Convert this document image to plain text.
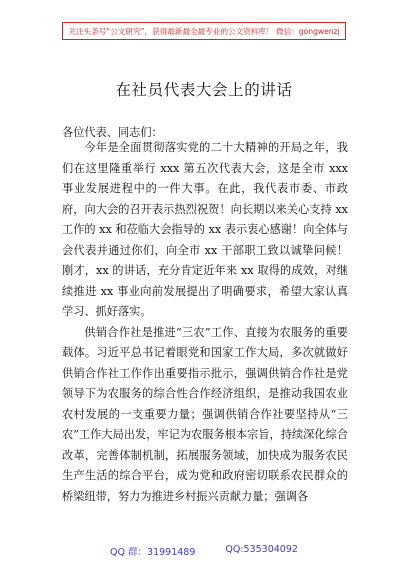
关注头条号“公文研究”，获得最新最全最专业的公文资料库！ 微信：gongwenzj
在社员代表大会上的讲话
各位代表、同志们：

今年是全面贯彻落实党的二十大精神的开局之年，我们在这里隆重举行 xxx 第五次代表大会，这是全市 xxx 事业发展进程中的一件大事。在此，我代表市委、市政府，向大会的召开表示热烈祝贺！向长期以来关心支持 xx 工作的 xx 和莅临大会指导的 xx 表示衷心感谢！向全体与会代表并通过你们，向全市 xx 干部职工致以诚挚问候！刚才，xx 的讲话，充分肯定近年来 xx 取得的成效，对继续推进 xx 事业向前发展提出了明确要求，希望大家认真学习、抓好落实。

供销合作社是推进“三农”工作、直接为农服务的重要载体。习近平总书记着眼党和国家工作大局，多次就做好供销合作社工作作出重要指示批示，强调供销合作社是党领导下为农服务的综合性合作经济组织，是推动我国农业农村发展的一支重要力量；强调供销合作社要坚持从“三农”工作大局出发，牢记为农服务根本宗旨，持续深化综合改革，完善体制机制，拓展服务领域，加快成为服务农民生产生活的综合平台，成为党和政府密切联系农民群众的桥梁纽带，努力为推进乡村振兴贡献力量；强调各

QQ 群：31991489	QQ:535304092
